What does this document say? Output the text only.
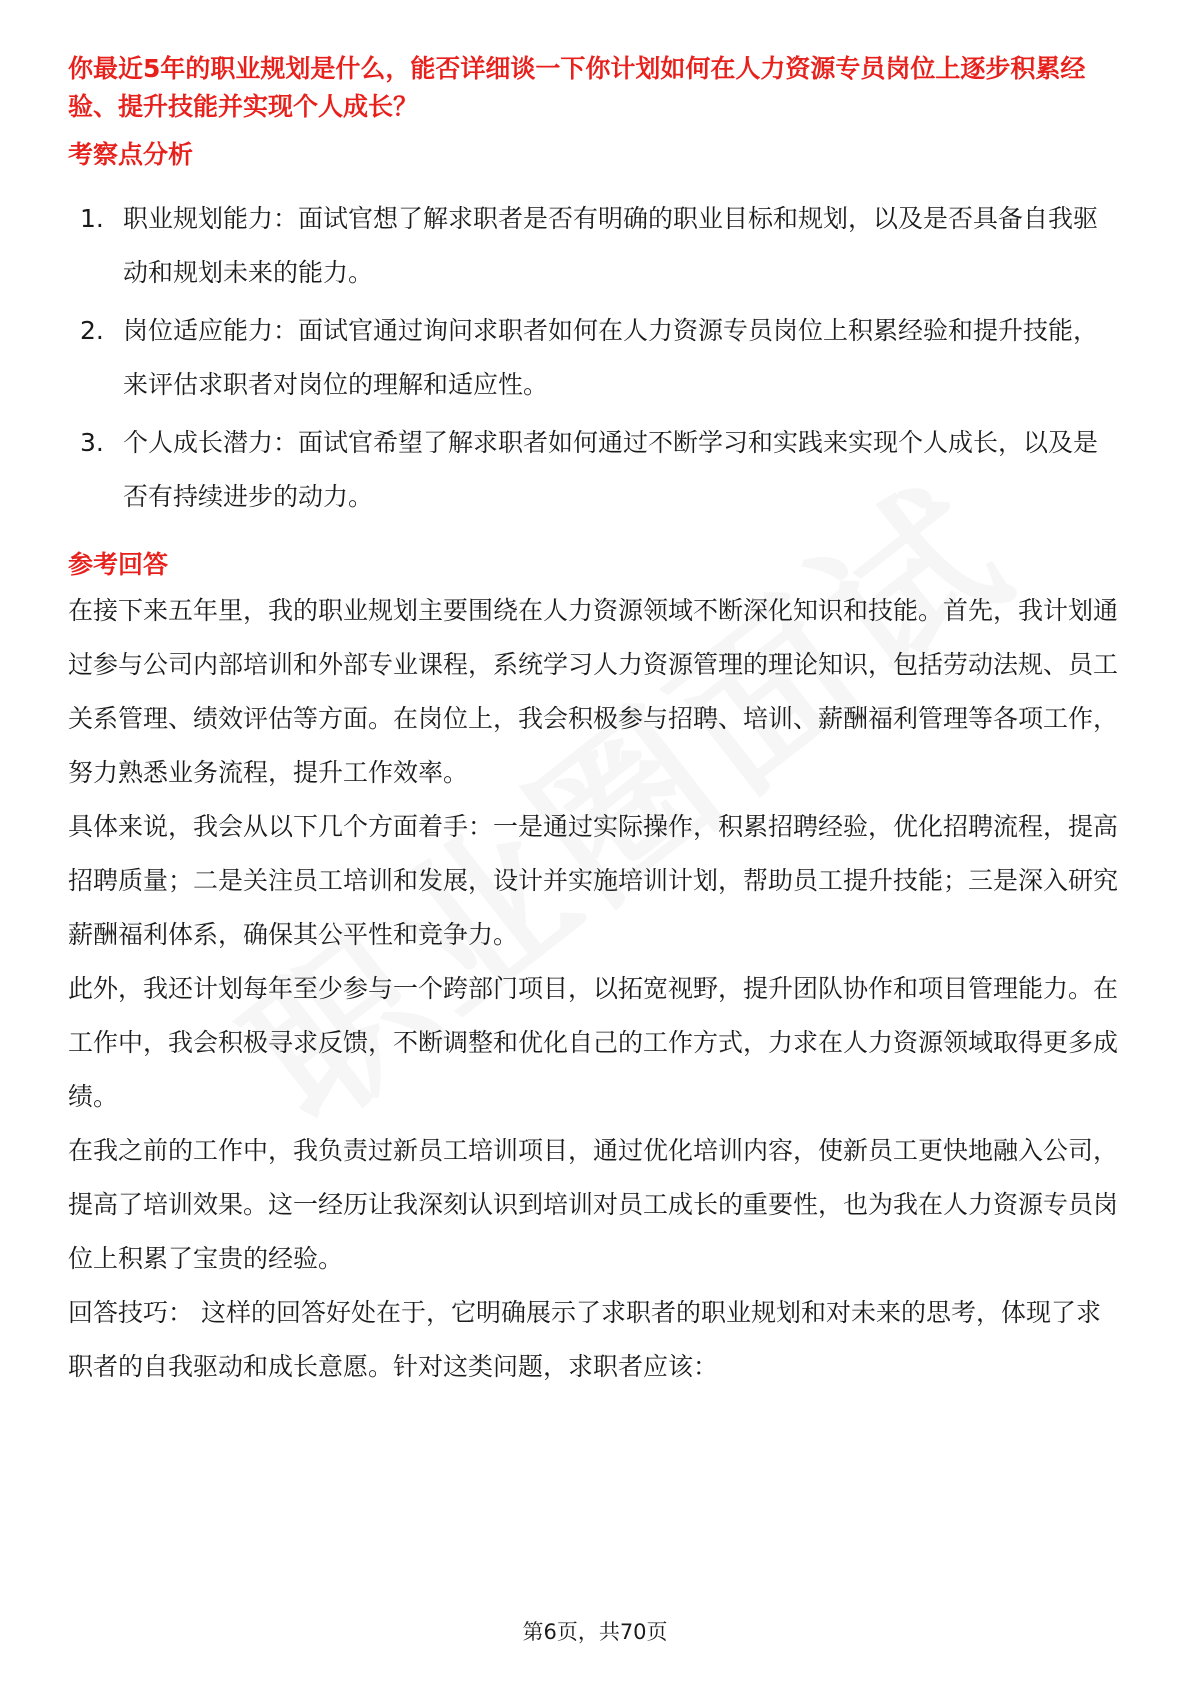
你最近5年的职业规划是什么，能否详细谈一下你计划如何在人力资源专员岗位上逐步积累经验、提升技能并实现个人成长？

考察点分析

1. 职业规划能力：面试官想了解求职者是否有明确的职业目标和规划，以及是否具备自我驱动和规划未来的能力。
2. 岗位适应能力：面试官通过询问求职者如何在人力资源专员岗位上积累经验和提升技能，来评估求职者对岗位的理解和适应性。
3. 个人成长潜力：面试官希望了解求职者如何通过不断学习和实践来实现个人成长，以及是否有持续进步的动力。

参考回答

在接下来五年里，我的职业规划主要围绕在人力资源领域不断深化知识和技能。首先，我计划通过参与公司内部培训和外部专业课程，系统学习人力资源管理的理论知识，包括劳动法规、员工关系管理、绩效评估等方面。在岗位上，我会积极参与招聘、培训、薪酬福利管理等各项工作，努力熟悉业务流程，提升工作效率。

具体来说，我会从以下几个方面着手：一是通过实际操作，积累招聘经验，优化招聘流程，提高招聘质量；二是关注员工培训和发展，设计并实施培训计划，帮助员工提升技能；三是深入研究薪酬福利体系，确保其公平性和竞争力。

此外，我还计划每年至少参与一个跨部门项目，以拓宽视野，提升团队协作和项目管理能力。在工作中，我会积极寻求反馈，不断调整和优化自己的工作方式，力求在人力资源领域取得更多成绩。

在我之前的工作中，我负责过新员工培训项目，通过优化培训内容，使新员工更快地融入公司，提高了培训效果。这一经历让我深刻认识到培训对员工成长的重要性，也为我在人力资源专员岗位上积累了宝贵的经验。

回答技巧： 这样的回答好处在于，它明确展示了求职者的职业规划和对未来的思考，体现了求职者的自我驱动和成长意愿。针对这类问题，求职者应该：

第6页，共70页
